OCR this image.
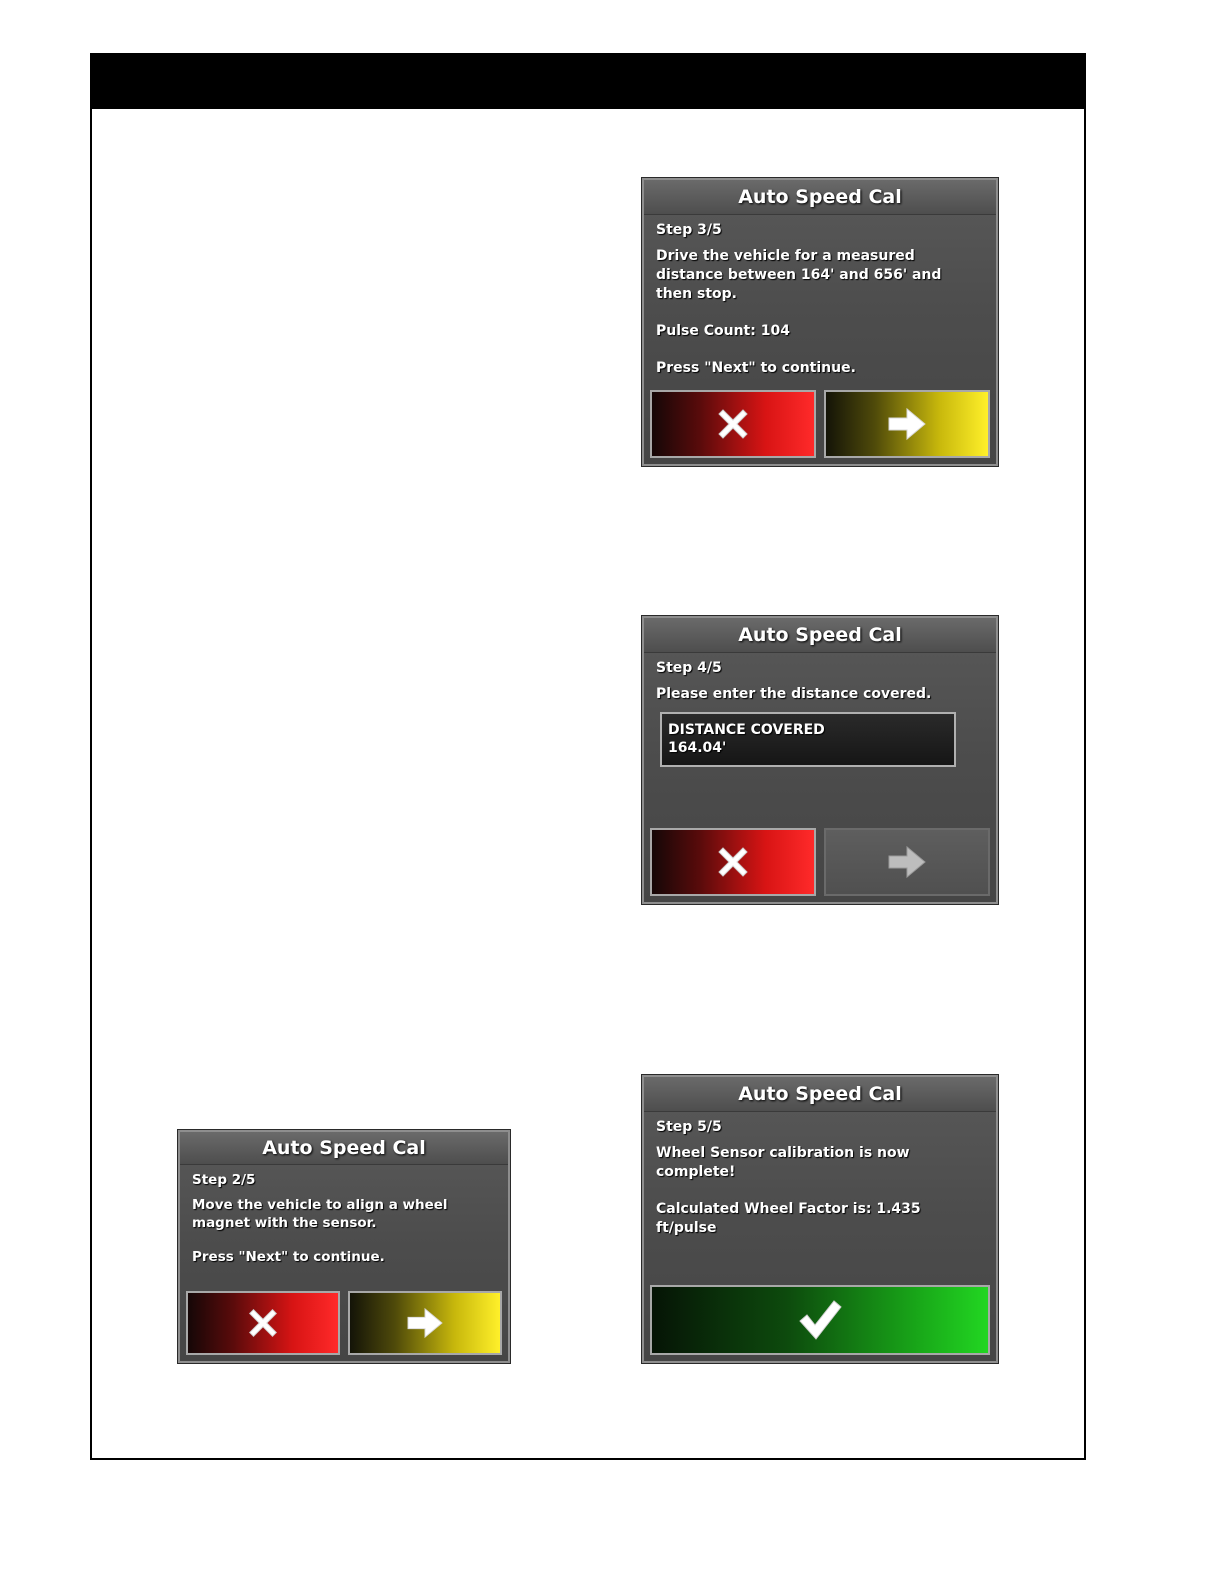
Auto Speed Cal

Step 3/5

Drive the vehicle for a measured distance between 164' and 656' and then stop.

Pulse Count: 104

Press "Next" to continue.

Auto Speed Cal

Step 4/5

Please enter the distance covered.

DISTANCE COVERED
164.04'
Auto Speed Cal

Step 2/5

Move the vehicle to align a wheel magnet with the sensor.

Press "Next" to continue.

Auto Speed Cal

Step 5/5

Wheel Sensor calibration is now complete!

Calculated Wheel Factor is: 1.435 ft/pulse
